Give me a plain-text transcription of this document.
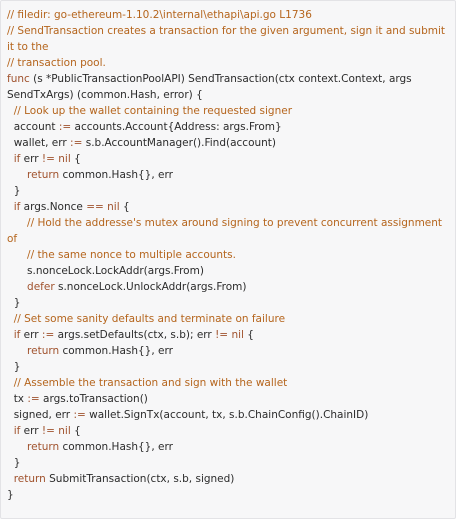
// filedir: go-ethereum-1.10.2\internal\ethapi\api.go L1736
// SendTransaction creates a transaction for the given argument, sign it and submit it to the
// transaction pool.
func (s *PublicTransactionPoolAPI) SendTransaction(ctx context.Context, args SendTxArgs) (common.Hash, error) {
// Look up the wallet containing the requested signer
account := accounts.Account{Address: args.From}
wallet, err := s.b.AccountManager().Find(account)
if err != nil {
return common.Hash{}, err
}
if args.Nonce == nil {
// Hold the addresse's mutex around signing to prevent concurrent assignment of
// the same nonce to multiple accounts.
s.nonceLock.LockAddr(args.From)
defer s.nonceLock.UnlockAddr(args.From)
}
// Set some sanity defaults and terminate on failure
if err := args.setDefaults(ctx, s.b); err != nil {
return common.Hash{}, err
}
// Assemble the transaction and sign with the wallet
tx := args.toTransaction()
signed, err := wallet.SignTx(account, tx, s.b.ChainConfig().ChainID)
if err != nil {
return common.Hash{}, err
}
return SubmitTransaction(ctx, s.b, signed)
}
